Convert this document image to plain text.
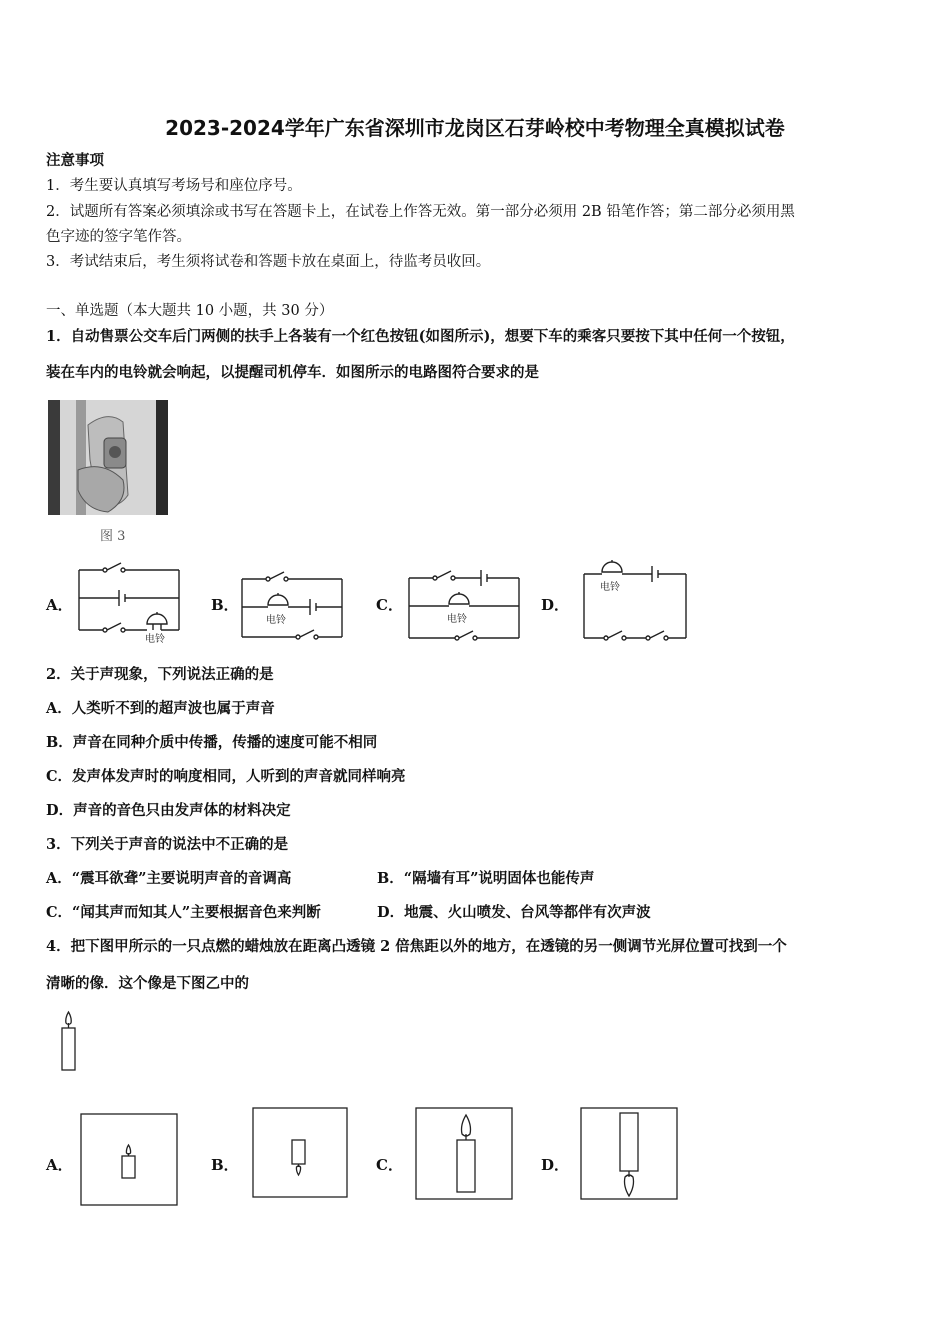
2023-2024学年广东省深圳市龙岗区石芽岭校中考物理全真模拟试卷
注意事项
1．考生要认真填写考场号和座位序号。
2．试题所有答案必须填涂或书写在答题卡上，在试卷上作答无效。第一部分必须用 2B 铅笔作答；第二部分必须用黑
色字迹的签字笔作答。
3．考试结束后，考生须将试卷和答题卡放在桌面上，待监考员收回。
一、单选题（本大题共 10 小题，共 30 分）
1．自动售票公交车后门两侧的扶手上各装有一个红色按钮(如图所示)，想要下车的乘客只要按下其中任何一个按钮，
装在车内的电铃就会响起，以提醒司机停车．如图所示的电路图符合要求的是
图 3
A．	B．	C．	D．
电铃
电铃	电铃
电铃
2．关于声现象，下列说法正确的是
A．人类听不到的超声波也属于声音
B．声音在同种介质中传播，传播的速度可能不相同
C．发声体发声时的响度相同，人听到的声音就同样响亮
D．声音的音色只由发声体的材料决定
3．下列关于声音的说法中不正确的是
A．“震耳欲聋”主要说明声音的音调高	B．“隔墙有耳”说明固体也能传声
C．“闻其声而知其人”主要根据音色来判断	D．地震、火山喷发、台风等都伴有次声波
4．把下图甲所示的一只点燃的蜡烛放在距离凸透镜 2 倍焦距以外的地方，在透镜的另一侧调节光屏位置可找到一个
清晰的像．这个像是下图乙中的
A．	B．	C．	D．
